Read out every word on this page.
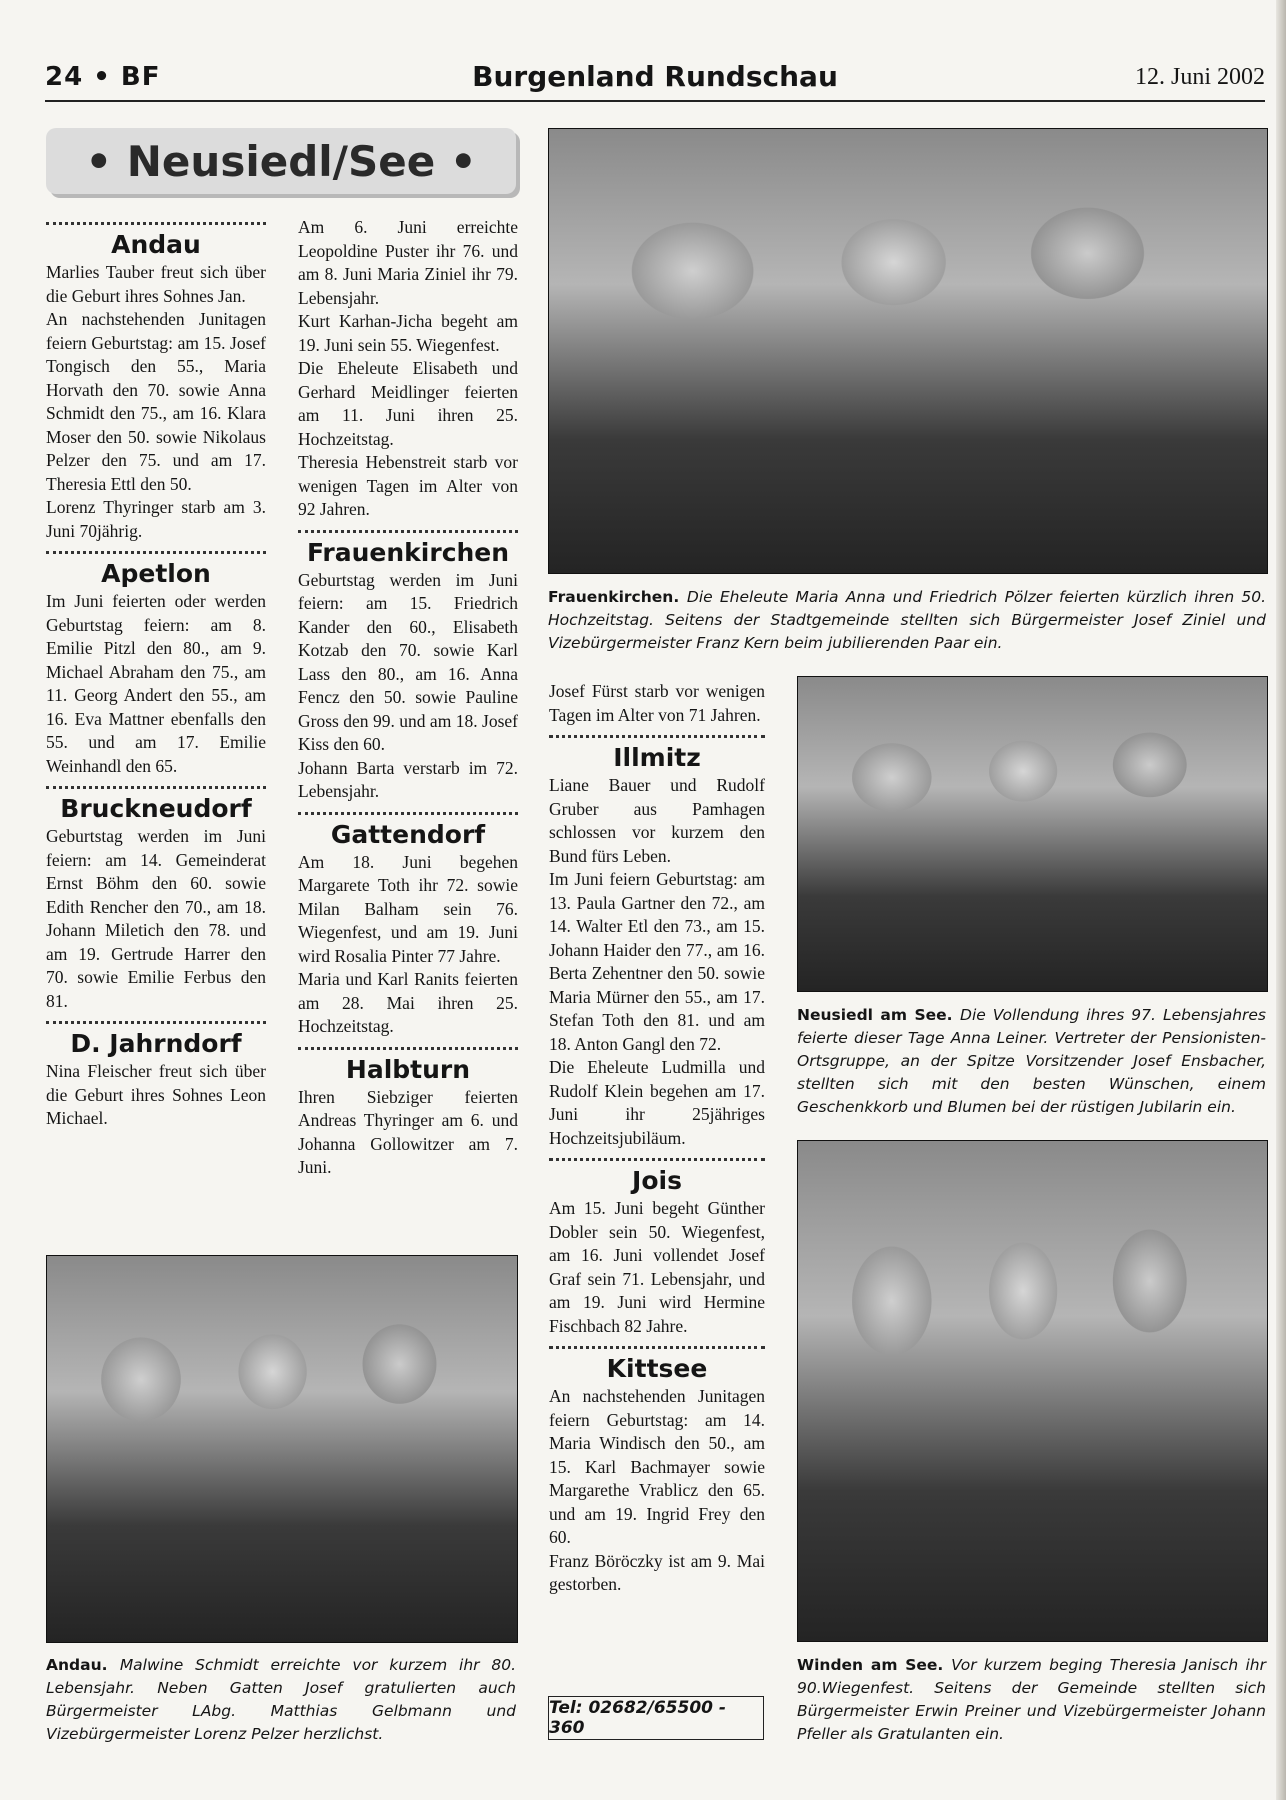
24 • BF	Burgenland Rundschau	12. Juni 2002
• Neusiedl/See •
Andau

Marlies Tauber freut sich über die Geburt ihres Sohnes Jan.

An nachstehenden Junitagen feiern Geburtstag: am 15. Josef Tongisch den 55., Maria Horvath den 70. sowie Anna Schmidt den 75., am 16. Klara Moser den 50. sowie Nikolaus Pelzer den 75. und am 17. Theresia Ettl den 50.

Lorenz Thyringer starb am 3. Juni 70jährig.

Apetlon

Im Juni feierten oder werden Geburtstag feiern: am 8. Emilie Pitzl den 80., am 9. Michael Abraham den 75., am 11. Georg Andert den 55., am 16. Eva Mattner ebenfalls den 55. und am 17. Emilie Weinhandl den 65.

Bruckneudorf

Geburtstag werden im Juni feiern: am 14. Gemeinderat Ernst Böhm den 60. sowie Edith Rencher den 70., am 18. Johann Miletich den 78. und am 19. Gertrude Harrer den 70. sowie Emilie Ferbus den 81.

D. Jahrndorf

Nina Fleischer freut sich über die Geburt ihres Sohnes Leon Michael.

Am 6. Juni erreichte Leopoldine Puster ihr 76. und am 8. Juni Maria Ziniel ihr 79. Lebensjahr.

Kurt Karhan-Jicha begeht am 19. Juni sein 55. Wiegenfest.

Die Eheleute Elisabeth und Gerhard Meidlinger feierten am 11. Juni ihren 25. Hochzeitstag.

Theresia Hebenstreit starb vor wenigen Tagen im Alter von 92 Jahren.

Frauenkirchen

Geburtstag werden im Juni feiern: am 15. Friedrich Kander den 60., Elisabeth Kotzab den 70. sowie Karl Lass den 80., am 16. Anna Fencz den 50. sowie Pauline Gross den 99. und am 18. Josef Kiss den 60.

Johann Barta verstarb im 72. Lebensjahr.

Gattendorf

Am 18. Juni begehen Margarete Toth ihr 72. sowie Milan Balham sein 76. Wiegenfest, und am 19. Juni wird Rosalia Pinter 77 Jahre.

Maria und Karl Ranits feierten am 28. Mai ihren 25. Hochzeitstag.

Halbturn

Ihren Siebziger feierten Andreas Thyringer am 6. und Johanna Gollowitzer am 7. Juni.

Josef Fürst starb vor wenigen Tagen im Alter von 71 Jahren.

Illmitz

Liane Bauer und Rudolf Gruber aus Pamhagen schlossen vor kurzem den Bund fürs Leben.

Im Juni feiern Geburtstag: am 13. Paula Gartner den 72., am 14. Walter Etl den 73., am 15. Johann Haider den 77., am 16. Berta Zehentner den 50. sowie Maria Mürner den 55., am 17. Stefan Toth den 81. und am 18. Anton Gangl den 72.

Die Eheleute Ludmilla und Rudolf Klein begehen am 17. Juni ihr 25jähriges Hochzeitsjubiläum.

Jois

Am 15. Juni begeht Günther Dobler sein 50. Wiegenfest, am 16. Juni vollendet Josef Graf sein 71. Lebensjahr, und am 19. Juni wird Hermine Fischbach 82 Jahre.

Kittsee

An nachstehenden Junitagen feiern Geburtstag: am 14. Maria Windisch den 50., am 15. Karl Bachmayer sowie Margarethe Vrablicz den 65. und am 19. Ingrid Frey den 60.

Franz Böröczky ist am 9. Mai gestorben.

Frauenkirchen. Die Eheleute Maria Anna und Friedrich Pölzer feierten kürzlich ihren 50. Hochzeitstag. Seitens der Stadtgemeinde stellten sich Bürgermeister Josef Ziniel und Vizebürgermeister Franz Kern beim jubilierenden Paar ein.
Neusiedl am See. Die Vollendung ihres 97. Lebensjahres feierte dieser Tage Anna Leiner. Vertreter der Pensionisten-Ortsgruppe, an der Spitze Vorsitzender Josef Ensbacher, stellten sich mit den besten Wünschen, einem Geschenkkorb und Blumen bei der rüstigen Jubilarin ein.
Winden am See. Vor kurzem beging Theresia Janisch ihr 90.Wiegenfest. Seitens der Gemeinde stellten sich Bürgermeister Erwin Preiner und Vizebürgermeister Johann Pfeller als Gratulanten ein.
Andau. Malwine Schmidt erreichte vor kurzem ihr 80. Lebensjahr. Neben Gatten Josef gratulierten auch Bürgermeister LAbg. Matthias Gelbmann und Vizebürgermeister Lorenz Pelzer herzlichst.
Tel: 02682/65500 - 360
